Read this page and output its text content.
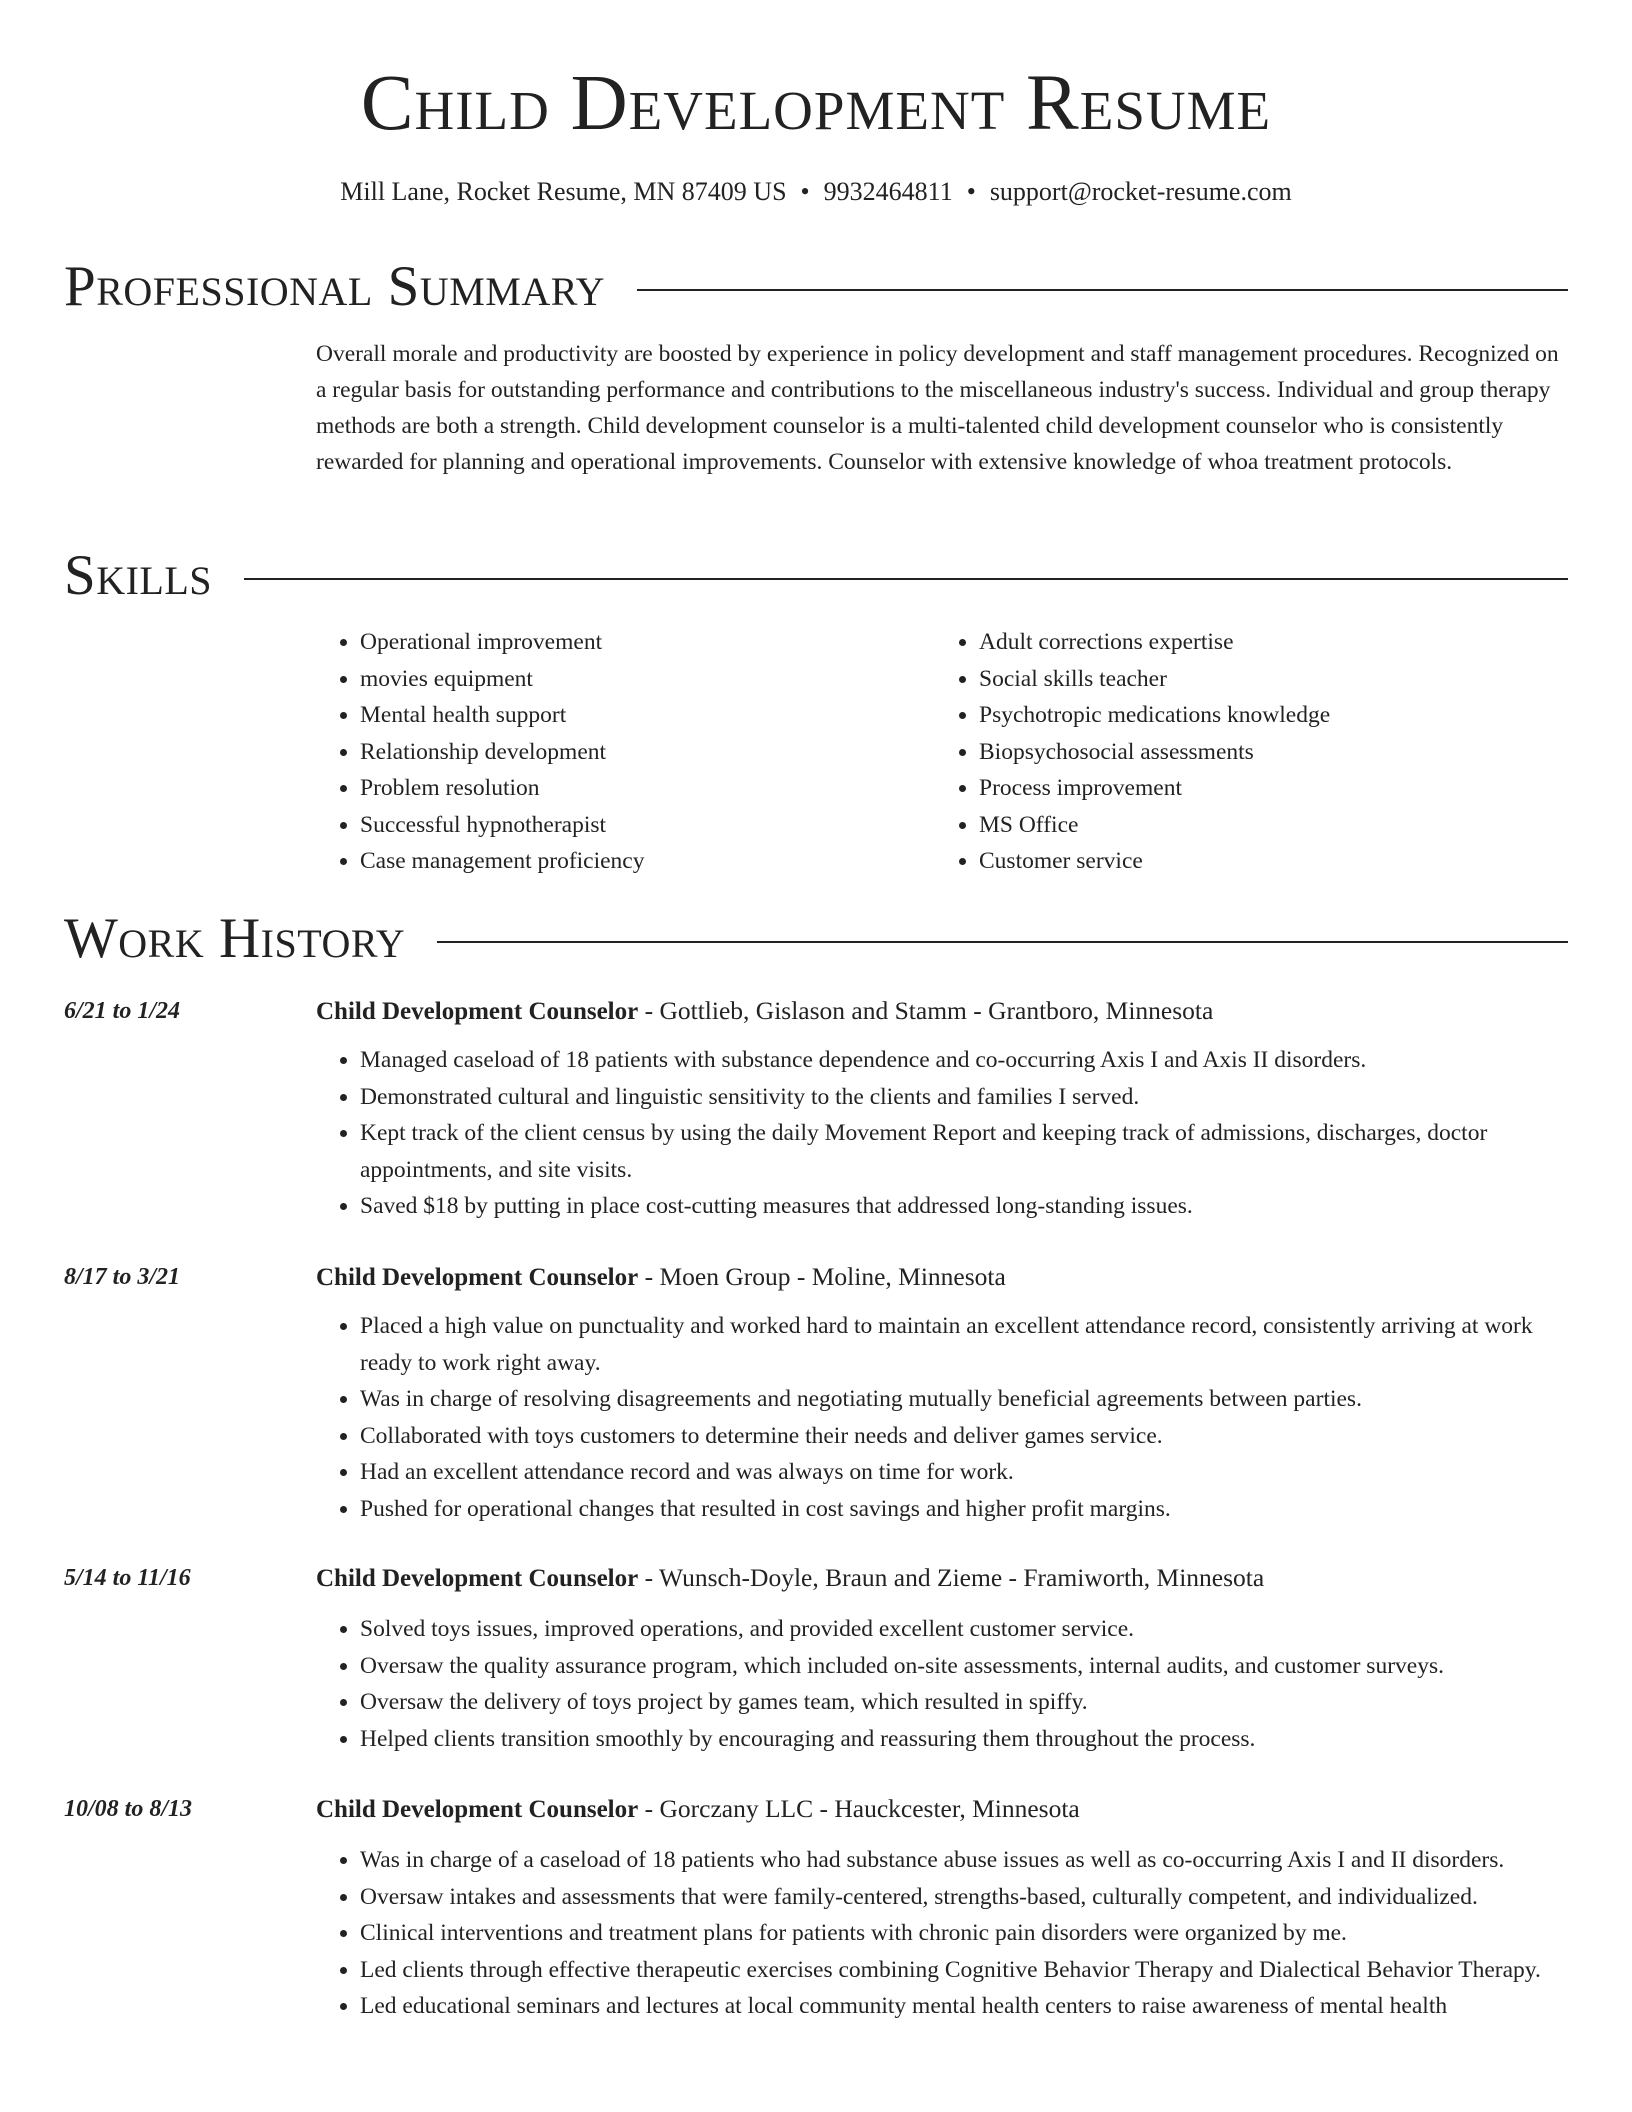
Child Development Resume
Mill Lane, Rocket Resume, MN 87409 US • 9932464811 • support@rocket-resume.com
Professional Summary

Overall morale and productivity are boosted by experience in policy development and staff management procedures. Recognized on a regular basis for outstanding performance and contributions to the miscellaneous industry's success. Individual and group therapy methods are both a strength. Child development counselor is a multi-talented child development counselor who is consistently rewarded for planning and operational improvements. Counselor with extensive knowledge of whoa treatment protocols.

Skills
• Operational improvement
• movies equipment
• Mental health support
• Relationship development
• Problem resolution
• Successful hypnotherapist
• Case management proficiency
• Adult corrections expertise
• Social skills teacher
• Psychotropic medications knowledge
• Biopsychosocial assessments
• Process improvement
• MS Office
• Customer service
Work History
6/21 to 1/24	Child Development Counselor - Gottlieb, Gislason and Stamm - Grantboro, Minnesota
• Managed caseload of 18 patients with substance dependence and co-occurring Axis I and Axis II disorders.
• Demonstrated cultural and linguistic sensitivity to the clients and families I served.
• Kept track of the client census by using the daily Movement Report and keeping track of admissions, discharges, doctor appointments, and site visits.
• Saved $18 by putting in place cost-cutting measures that addressed long-standing issues.
8/17 to 3/21	Child Development Counselor - Moen Group - Moline, Minnesota
• Placed a high value on punctuality and worked hard to maintain an excellent attendance record, consistently arriving at work ready to work right away.
• Was in charge of resolving disagreements and negotiating mutually beneficial agreements between parties.
• Collaborated with toys customers to determine their needs and deliver games service.
• Had an excellent attendance record and was always on time for work.
• Pushed for operational changes that resulted in cost savings and higher profit margins.
5/14 to 11/16	Child Development Counselor - Wunsch-Doyle, Braun and Zieme - Framiworth, Minnesota
• Solved toys issues, improved operations, and provided excellent customer service.
• Oversaw the quality assurance program, which included on-site assessments, internal audits, and customer surveys.
• Oversaw the delivery of toys project by games team, which resulted in spiffy.
• Helped clients transition smoothly by encouraging and reassuring them throughout the process.
10/08 to 8/13	Child Development Counselor - Gorczany LLC - Hauckcester, Minnesota
• Was in charge of a caseload of 18 patients who had substance abuse issues as well as co-occurring Axis I and II disorders.
• Oversaw intakes and assessments that were family-centered, strengths-based, culturally competent, and individualized.
• Clinical interventions and treatment plans for patients with chronic pain disorders were organized by me.
• Led clients through effective therapeutic exercises combining Cognitive Behavior Therapy and Dialectical Behavior Therapy.
• Led educational seminars and lectures at local community mental health centers to raise awareness of mental health
